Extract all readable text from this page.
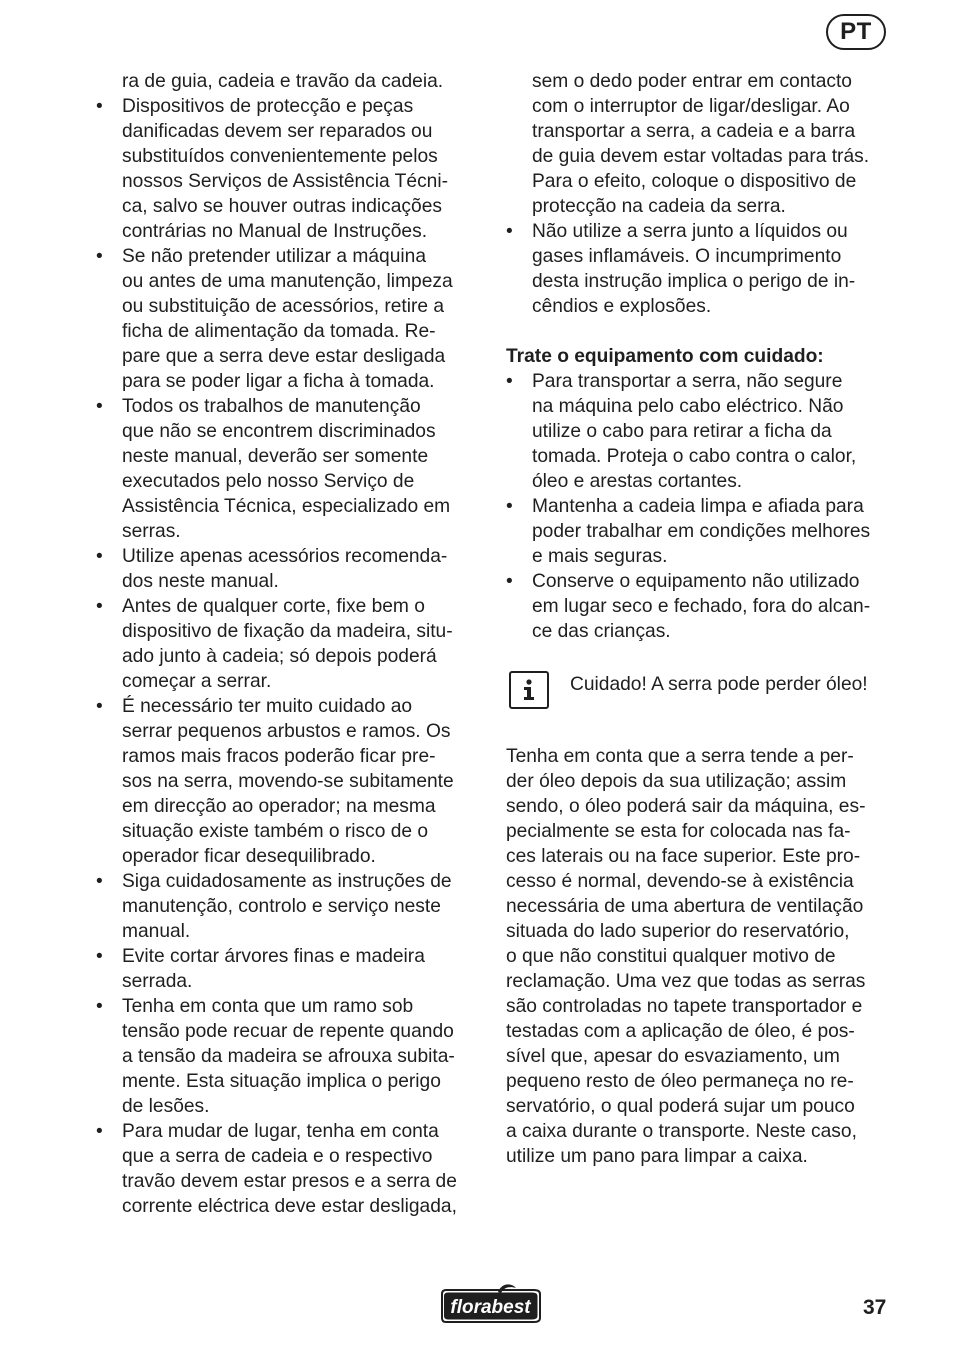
PT
ra de guia, cadeia e travão da cadeia.
• Dispositivos de protecção e peças
danificadas devem ser reparados ou
substituídos convenientemente pelos
nossos Serviços de Assistência Técni-
ca, salvo se houver outras indicações
contrárias no Manual de Instruções.
• Se não pretender utilizar a máquina
ou antes de uma manutenção, limpeza
ou substituição de acessórios, retire a
ficha de alimentação da tomada. Re-
pare que a serra deve estar desligada
para se poder ligar a ficha à tomada.
• Todos os trabalhos de manutenção
que não se encontrem discriminados
neste manual, deverão ser somente
executados pelo nosso Serviço de
Assistência Técnica, especializado em
serras.
• Utilize apenas acessórios recomenda-
dos neste manual.
• Antes de qualquer corte, fixe bem o
dispositivo de fixação da madeira, situ-
ado junto à cadeia; só depois poderá
começar a serrar.
• É necessário ter muito cuidado ao
serrar pequenos arbustos e ramos. Os
ramos mais fracos poderão ficar pre-
sos na serra, movendo-se subitamente
em direcção ao operador; na mesma
situação existe também o risco de o
operador ficar desequilibrado.
• Siga cuidadosamente as instruções de
manutenção, controlo e serviço neste
manual.
• Evite cortar árvores finas e madeira
serrada.
• Tenha em conta que um ramo sob
tensão pode recuar de repente quando
a tensão da madeira se afrouxa subita-
mente. Esta situação implica o perigo
de lesões.
• Para mudar de lugar, tenha em conta
que a serra de cadeia e o respectivo
travão devem estar presos e a serra de
corrente eléctrica deve estar desligada,
sem o dedo poder entrar em contacto
com o interruptor de ligar/desligar. Ao
transportar a serra, a cadeia e a barra
de guia devem estar voltadas para trás.
Para o efeito, coloque o dispositivo de
protecção na cadeia da serra.
• Não utilize a serra junto a líquidos ou
gases inflamáveis. O incumprimento
desta instrução implica o perigo de in-
cêndios e explosões.
Trate o equipamento com cuidado:
• Para transportar a serra, não segure
na máquina pelo cabo eléctrico. Não
utilize o cabo para retirar a ficha da
tomada. Proteja o cabo contra o calor,
óleo e arestas cortantes.
• Mantenha a cadeia limpa e afiada para
poder trabalhar em condições melhores
e mais seguras.
• Conserve o equipamento não utilizado
em lugar seco e fechado, fora do alcan-
ce das crianças.
Cuidado! A serra pode perder óleo!
Tenha em conta que a serra tende a per-
der óleo depois da sua utilização; assim
sendo, o óleo poderá sair da máquina, es-
pecialmente se esta for colocada nas fa-
ces laterais ou na face superior. Este pro-
cesso é normal, devendo-se à existência
necessária de uma abertura de ventilação
situada do lado superior do reservatório,
o que não constitui qualquer motivo de
reclamação. Uma vez que todas as serras
são controladas no tapete transportador e
testadas com a aplicação de óleo, é pos-
sível que, apesar do esvaziamento, um
pequeno resto de óleo permaneça no re-
servatório, o qual poderá sujar um pouco
a caixa durante o transporte. Neste caso,
utilize um pano para limpar a caixa.
florabest	37
